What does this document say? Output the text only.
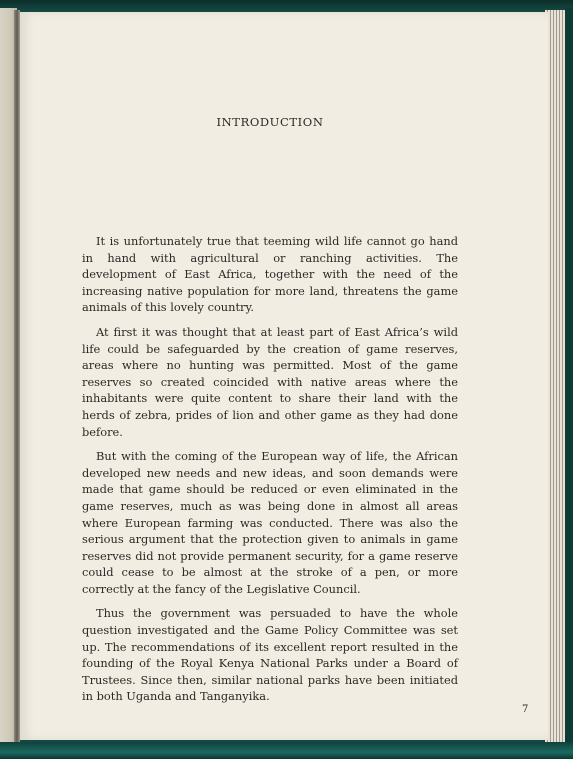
INTRODUCTION

It is unfortunately true that teeming wild life cannot go hand in hand with agricultural or ranching activities. The development of East Africa, together with the need of the increasing native population for more land, threatens the game animals of this lovely country.

At first it was thought that at least part of East Africa’s wild life could be safeguarded by the creation of game reserves, areas where no hunting was permitted. Most of the game reserves so created coincided with native areas where the inhabitants were quite content to share their land with the herds of zebra, prides of lion and other game as they had done before.

But with the coming of the European way of life, the African developed new needs and new ideas, and soon demands were made that game should be reduced or even eliminated in the game reserves, much as was being done in almost all areas where European farming was conducted. There was also the serious argument that the protection given to animals in game reserves did not provide permanent security, for a game reserve could cease to be almost at the stroke of a pen, or more correctly at the fancy of the Legislative Council.

Thus the government was persuaded to have the whole question investigated and the Game Policy Committee was set up. The recommendations of its excellent report resulted in the founding of the Royal Kenya National Parks under a Board of Trustees. Since then, similar national parks have been initiated in both Uganda and Tanganyika.

7
